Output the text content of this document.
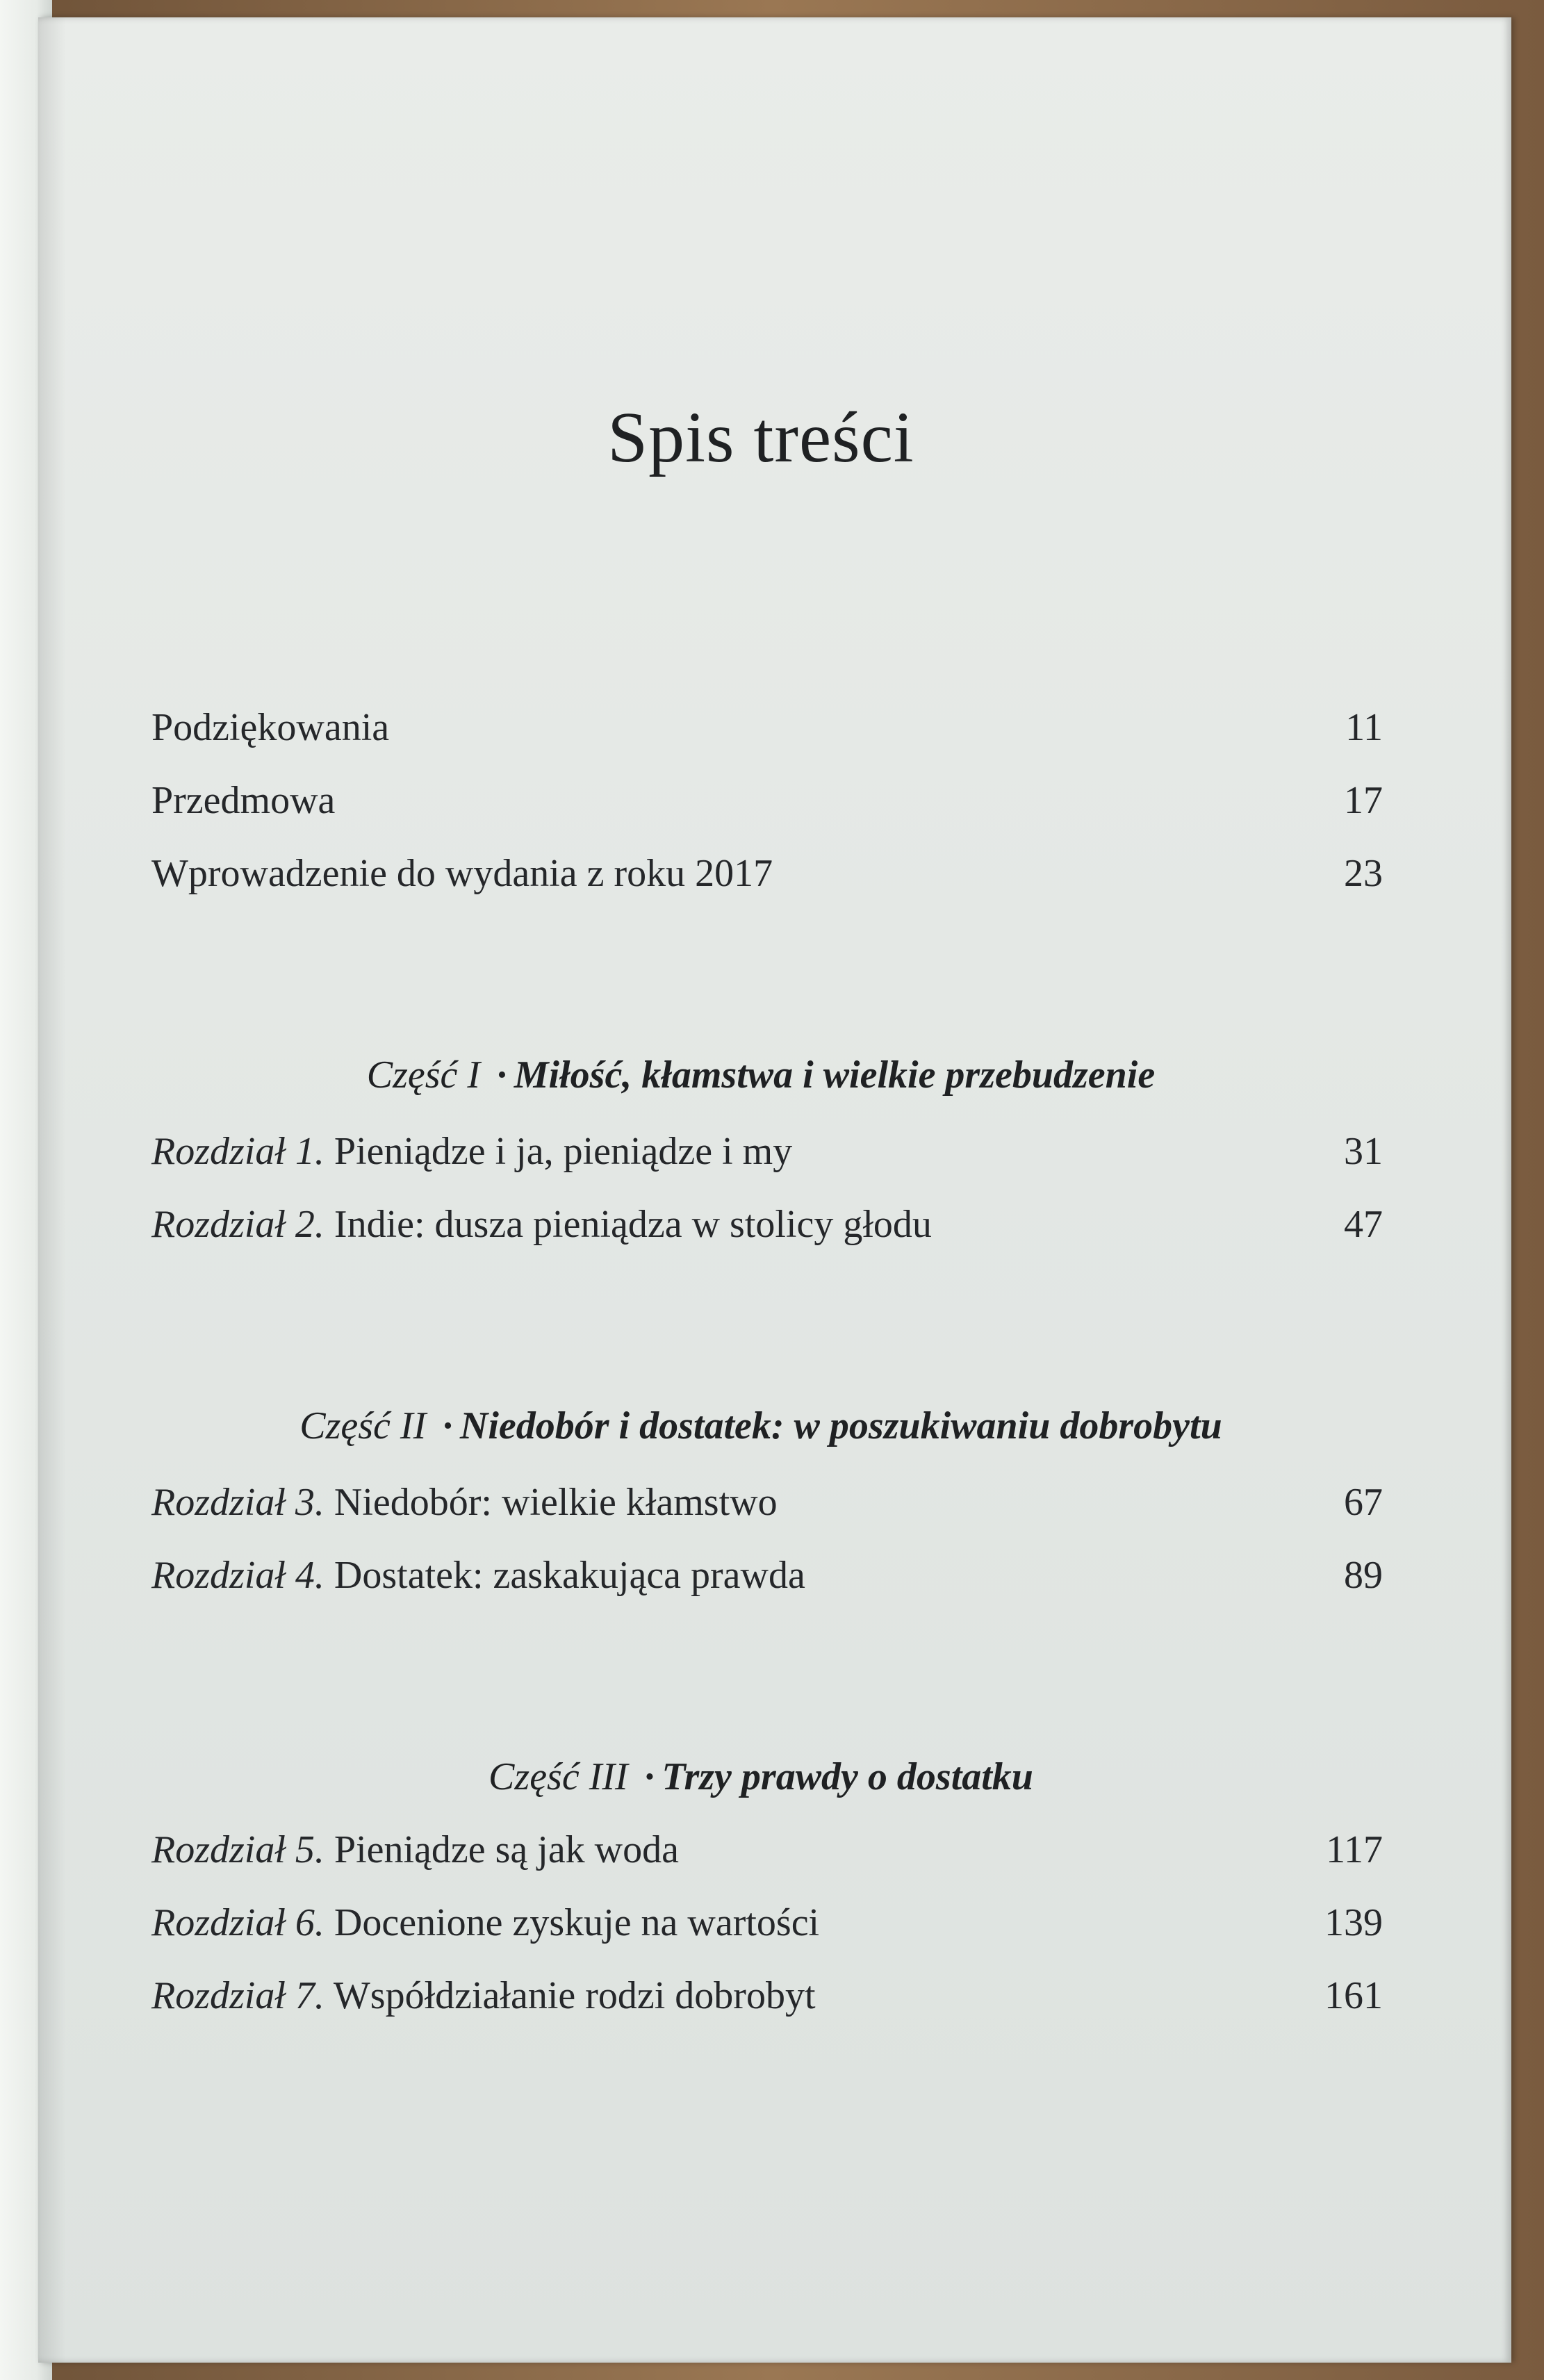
Spis treści
Podziękowania	11
Przedmowa	17
Wprowadzenie do wydania z roku 2017	23
Część I · Miłość, kłamstwa i wielkie przebudzenie
Rozdział 1. Pieniądze i ja, pieniądze i my	31
Rozdział 2. Indie: dusza pieniądza w stolicy głodu	47
Część II · Niedobór i dostatek: w poszukiwaniu dobrobytu
Rozdział 3. Niedobór: wielkie kłamstwo	67
Rozdział 4. Dostatek: zaskakująca prawda	89
Część III · Trzy prawdy o dostatku
Rozdział 5. Pieniądze są jak woda	117
Rozdział 6. Docenione zyskuje na wartości	139
Rozdział 7. Współdziałanie rodzi dobrobyt	161
